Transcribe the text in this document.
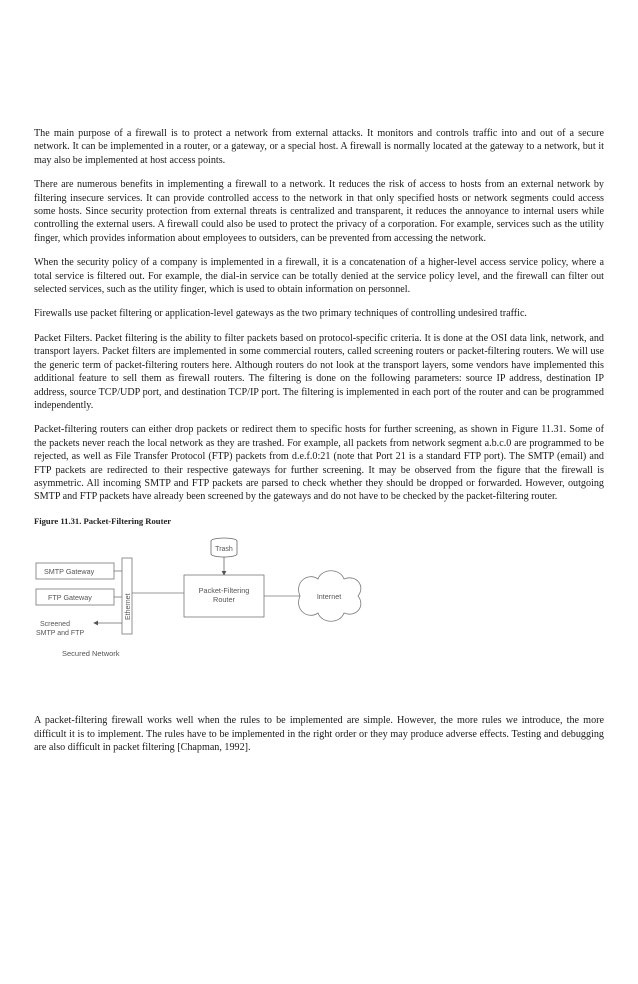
The main purpose of a firewall is to protect a network from external attacks. It monitors and controls traffic into and out of a secure network. It can be implemented in a router, or a gateway, or a special host. A firewall is normally located at the gateway to a network, but it may also be implemented at host access points.

There are numerous benefits in implementing a firewall to a network. It reduces the risk of access to hosts from an external network by filtering insecure services. It can provide controlled access to the network in that only specified hosts or network segments could access some hosts. Since security protection from external threats is centralized and transparent, it reduces the annoyance to internal users while controlling the external users. A firewall could also be used to protect the privacy of a corporation. For example, services such as the utility finger, which provides information about employees to outsiders, can be prevented from accessing the network.

When the security policy of a company is implemented in a firewall, it is a concatenation of a higher-level access service policy, where a total service is filtered out. For example, the dial-in service can be totally denied at the service policy level, and the firewall can filter out selected services, such as the utility finger, which is used to obtain information on personnel.

Firewalls use packet filtering or application-level gateways as the two primary techniques of controlling undesired traffic.

Packet Filters. Packet filtering is the ability to filter packets based on protocol-specific criteria. It is done at the OSI data link, network, and transport layers. Packet filters are implemented in some commercial routers, called screening routers or packet-filtering routers. We will use the generic term of packet-filtering routers here. Although routers do not look at the transport layers, some vendors have implemented this additional feature to sell them as firewall routers. The filtering is done on the following parameters: source IP address, destination IP address, source TCP/UDP port, and destination TCP/IP port. The filtering is implemented in each port of the router and can be programmed independently.

Packet-filtering routers can either drop packets or redirect them to specific hosts for further screening, as shown in Figure 11.31. Some of the packets never reach the local network as they are trashed. For example, all packets from network segment a.b.c.0 are programmed to be rejected, as well as File Transfer Protocol (FTP) packets from d.e.f.0:21 (note that Port 21 is a standard FTP port). The SMTP (email) and FTP packets are redirected to their respective gateways for further screening. It may be observed from the figure that the firewall is asymmetric. All incoming SMTP and FTP packets are parsed to check whether they should be dropped or forwarded. However, outgoing SMTP and FTP packets have already been screened by the gateways and do not have to be checked by the packet-filtering router.

Figure 11.31. Packet-Filtering Router
Trash
SMTP Gateway
FTP Gateway	Ethernet
Screened
SMTP and FTP
Secured Network
Packet-Filtering
Router	Internet

A packet-filtering firewall works well when the rules to be implemented are simple. However, the more rules we introduce, the more difficult it is to implement. The rules have to be implemented in the right order or they may produce adverse effects. Testing and debugging are also difficult in packet filtering [Chapman, 1992].
